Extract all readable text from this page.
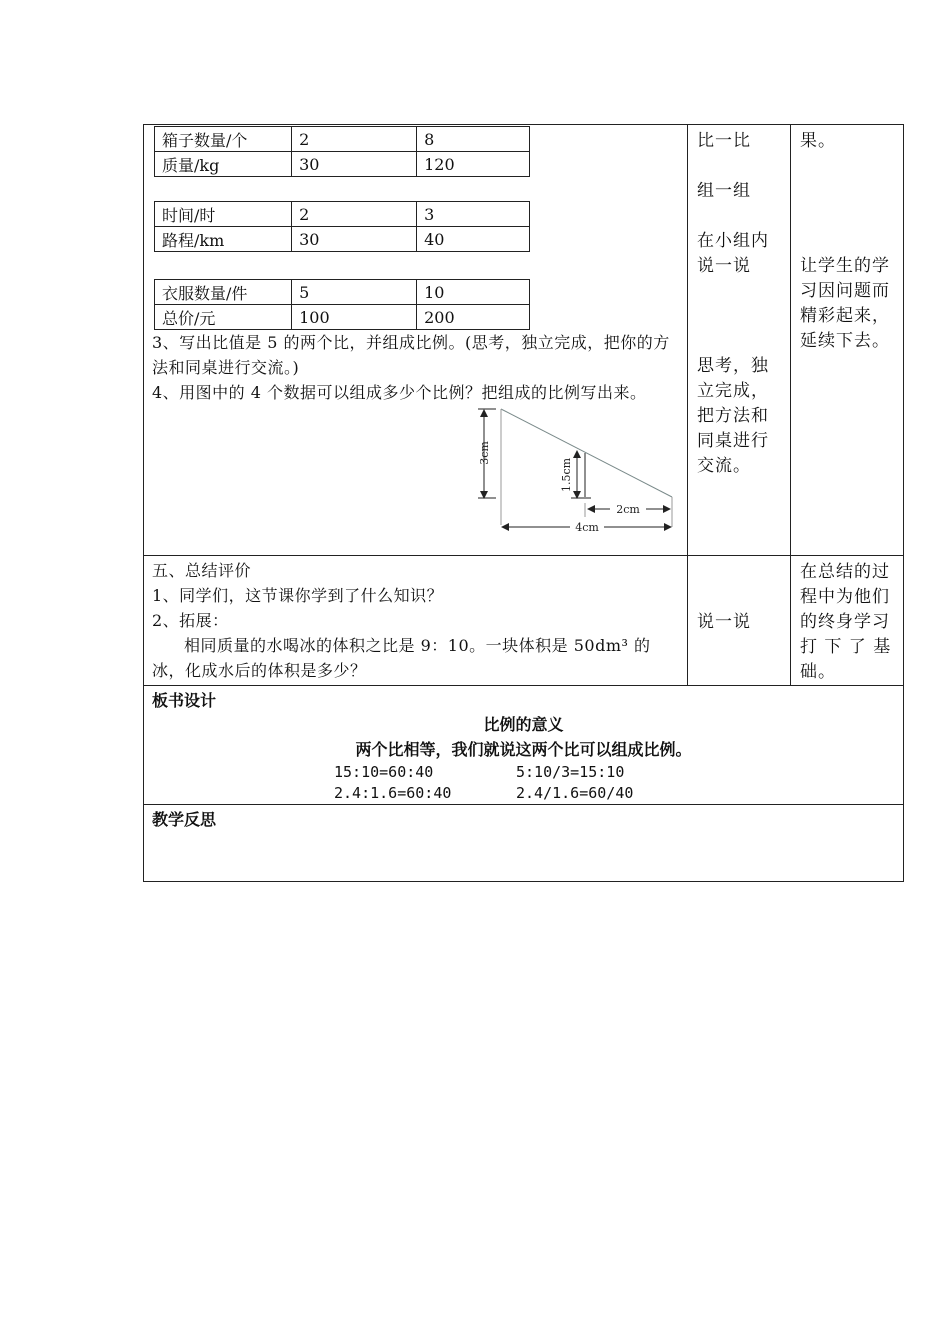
箱子数量/个	2	8
质量/kg	30	120
时间/时	2	3
路程/km	30	40
衣服数量/件	5	10
总价/元	100	200
3、写出比值是 5 的两个比，并组成比例。(思考，独立完成，把你的方法和同桌进行交流。)
4、用图中的 4 个数据可以组成多少个比例？把组成的比例写出来。
3cm
1.5cm
2cm
4cm

比一比
组一组
在小组内
说一说
思考，独
立完成，
把方法和
同桌进行
交流。

果。
让学生的学
习因问题而
精彩起来，
延续下去。

五、总结评价
1、同学们，这节课你学到了什么知识？
2、拓展：
相同质量的水喝冰的体积之比是 9：10。一块体积是 50dm³ 的冰，化成水后的体积是多少？

说一说

在总结的过
程中为他们
的终身学习
打 下 了 基
础。

板书设计
比例的意义
两个比相等，我们就说这两个比可以组成比例。
15:10=60:40	5:10/3=15:10
2.4:1.6=60:40	2.4/1.6=60/40

教学反思
